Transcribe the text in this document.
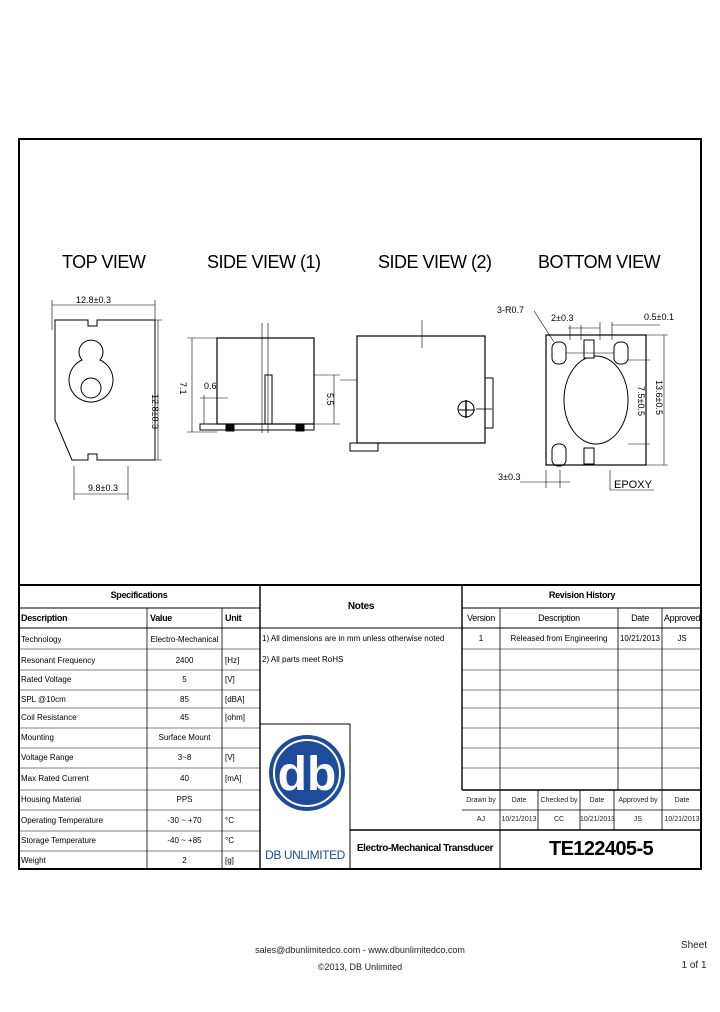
TOP VIEW	SIDE VIEW (1)	SIDE VIEW (2)	BOTTOM VIEW
12.8±0.3
12.8±0.3
9.8±0.3
7.1 0.6
5.5
3-R0.7
2±0.3	0.5±0.1
7.5±0.5 13.6±0.5
3±0.3
EPOXY
Specifications
Description	Value	Unit
Technology	Electro-Mechanical
Resonant Frequency	2400	[Hz]
Rated Voltage	5	[V]
SPL @10cm	85	[dBA]
Coil Resistance	45	[ohm]
Mounting	Surface Mount
Voltage Range	3~8	[V]
Max Rated Current	40	[mA]
Housing Material	PPS
Operating Temperature	-30 ~ +70	°C
Storage Temperature	-40 ~ +85	°C
Weight	2	[g]
Notes
1) All dimensions are in mm unless otherwise noted
2) All parts meet RoHS
db
DB UNLIMITED
Revision History
Version	Description	Date	Approved
1	Released from Engineering	10/21/2013	JS
Drawn by	Date	Checked by	Date	Approved by	Date
AJ	10/21/2013	CC	10/21/2013	JS	10/21/2013
Electro-Mechanical Transducer	TE122405-5
sales@dbunlimitedco.com - www.dbunlimitedco.com
©2013, DB Unlimited
Sheet
1 of 1
